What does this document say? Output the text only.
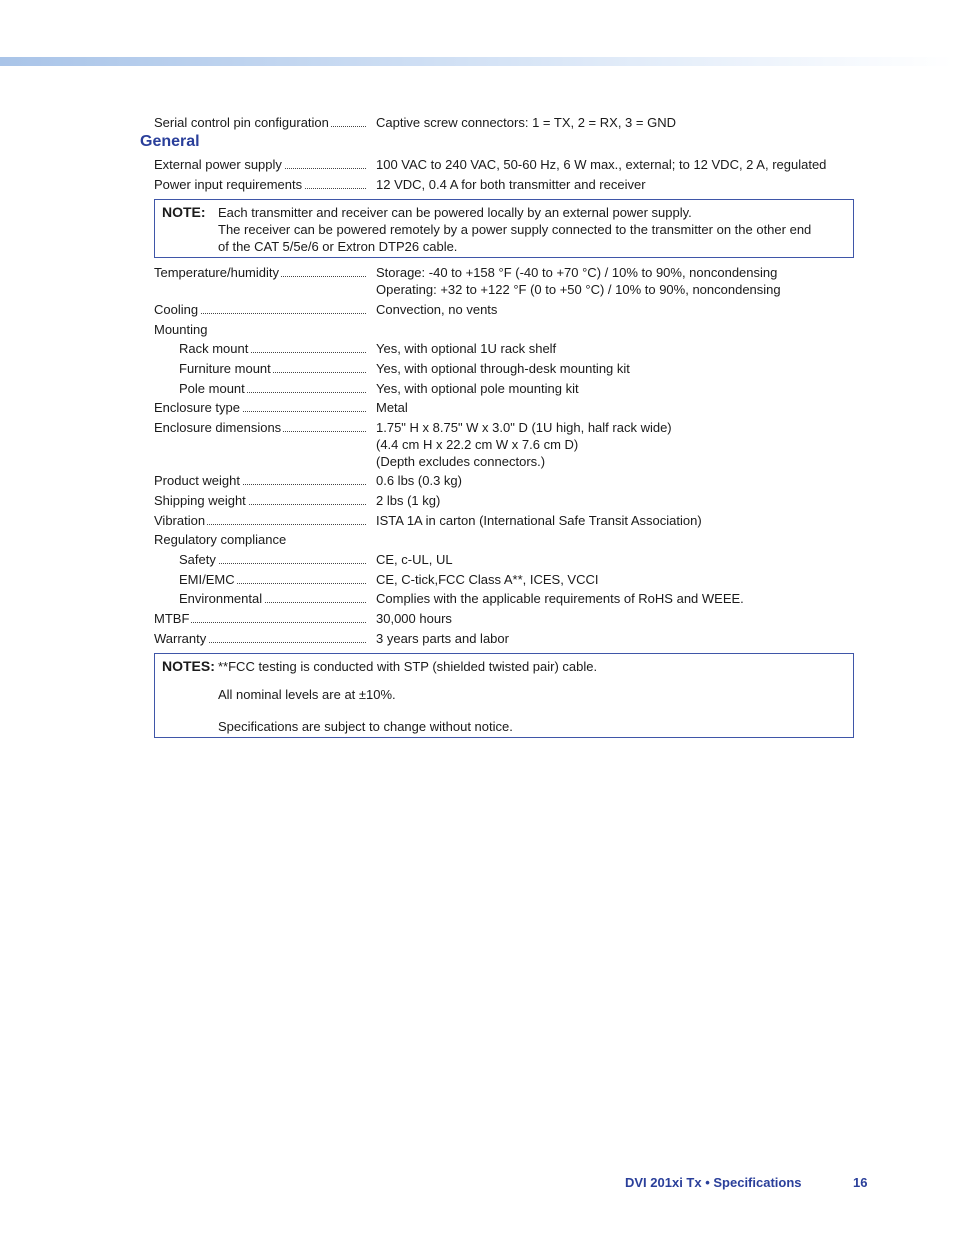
Serial control pin configuration	Captive screw connectors: 1 = TX, 2 = RX, 3 = GND
General
External power supply	100 VAC to 240 VAC, 50-60 Hz, 6 W max., external; to 12 VDC, 2 A, regulated
Power input requirements	12 VDC, 0.4 A for both transmitter and receiver
NOTE: Each transmitter and receiver can be powered locally by an external power supply.
The receiver can be powered remotely by a power supply connected to the transmitter on the other end
of the CAT 5/5e/6 or Extron DTP26 cable.
Temperature/humidity	Storage: -40 to +158 °F (-40 to +70 °C) / 10% to 90%, noncondensing
Operating: +32 to +122 °F (0 to +50 °C) / 10% to 90%, noncondensing
Cooling	Convection, no vents
Mounting
Rack mount	Yes, with optional 1U rack shelf
Furniture mount	Yes, with optional through-desk mounting kit
Pole mount	Yes, with optional pole mounting kit
Enclosure type	Metal
Enclosure dimensions	1.75" H x 8.75" W x 3.0" D (1U high, half rack wide)
(4.4 cm H x 22.2 cm W x 7.6 cm D)
(Depth excludes connectors.)
Product weight	0.6 lbs (0.3 kg)
Shipping weight	2 lbs (1 kg)
Vibration	ISTA 1A in carton (International Safe Transit Association)
Regulatory compliance
Safety	CE, c-UL, UL
EMI/EMC	CE, C-tick,FCC Class A**, ICES, VCCI
Environmental	Complies with the applicable requirements of RoHS and WEEE.
MTBF	30,000 hours
Warranty	3 years parts and labor
NOTES: **FCC testing is conducted with STP (shielded twisted pair) cable.
All nominal levels are at ±10%.
Specifications are subject to change without notice.
DVI 201xi Tx • Specifications	16
